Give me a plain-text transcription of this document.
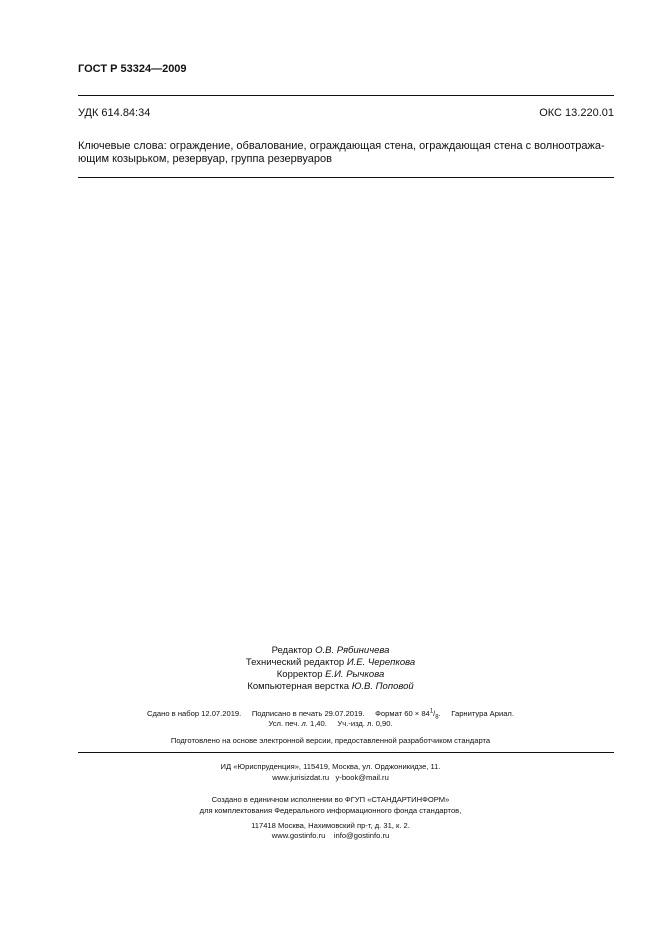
ГОСТ Р 53324—2009
УДК 614.84:34	ОКС 13.220.01
Ключевые слова: ограждение, обвалование, ограждающая стена, ограждающая стена с волноотража-
ющим козырьком, резервуар, группа резервуаров
Редактор О.В. Рябиничева
Технический редактор И.Е. Черепкова
Корректор Е.И. Рычкова
Компьютерная верстка Ю.В. Поповой
Сдано в набор 12.07.2019. Подписано в печать 29.07.2019. Формат $60 \times 84^1/_8$. Гарнитура Ариал.
Усл. печ. л. 1,40. Уч.-изд. л. 0,90.
Подготовлено на основе электронной версии, предоставленной разработчиком стандарта
ИД «Юриспруденция», 115419, Москва, ул. Орджоникидзе, 11.
www.jurisizdat.ru y-book@mail.ru
Создано в единичном исполнении во ФГУП «СТАНДАРТИНФОРМ»
для комплектования Федерального информационного фонда стандартов,
117418 Москва, Нахимовский пр-т, д. 31, к. 2.
www.gostinfo.ru info@gostinfo.ru
